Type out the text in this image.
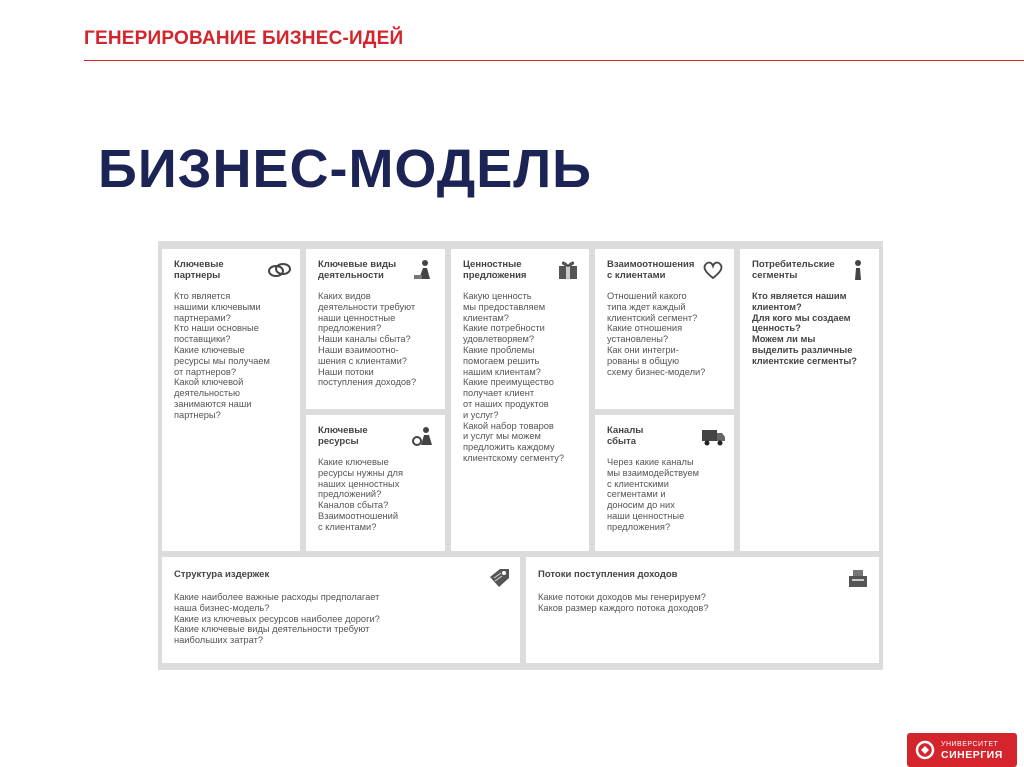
ГЕНЕРИРОВАНИЕ БИЗНЕС-ИДЕЙ
БИЗНЕС-МОДЕЛЬ
Ключевые
партнеры
Кто является
нашими ключевыми
партнерами?
Кто наши основные
поставщики?
Какие ключевые
ресурсы мы получаем
от партнеров?
Какой ключевой
деятельностью
занимаются наши
партнеры?
Ключевые виды
деятельности
Каких видов
деятельности требуют
наши ценностные
предложения?
Наши каналы сбыта?
Наши взаимоотно-
шения с клиентами?
Наши потоки
поступления доходов?
Ключевые
ресурсы
Какие ключевые
ресурсы нужны для
наших ценностных
предложений?
Каналов сбыта?
Взаимоотношений
с клиентами?
Ценностные
предложения
Какую ценность
мы предоставляем
клиентам?
Какие потребности
удовлетворяем?
Какие проблемы
помогаем решить
нашим клиентам?
Какие преимущество
получает клиент
от наших продуктов
и услуг?
Какой набор товаров
и услуг мы можем
предложить каждому
клиентскому сегменту?
Взаимоотношения
с клиентами
Отношений какого
типа ждет каждый
клиентский сегмент?
Какие отношения
установлены?
Как они интегри-
рованы в общую
схему бизнес-модели?
Каналы
сбыта
Через какие каналы
мы взаимодействуем
с клиентскими
сегментами и
доносим до них
наши ценностные
предложения?
Потребительские
сегменты
Кто является нашим
клиентом?
Для кого мы создаем
ценность?
Можем ли мы
выделить различные
клиентские сегменты?
Структура издержек
Какие наиболее важные расходы предполагает
наша бизнес-модель?
Какие из ключевых ресурсов наиболее дороги?
Какие ключевые виды деятельности требуют
наибольших затрат?
Потоки поступления доходов
Какие потоки доходов мы генерируем?
Каков размер каждого потока доходов?
УНИВЕРСИТЕТ
СИНЕРГИЯ
